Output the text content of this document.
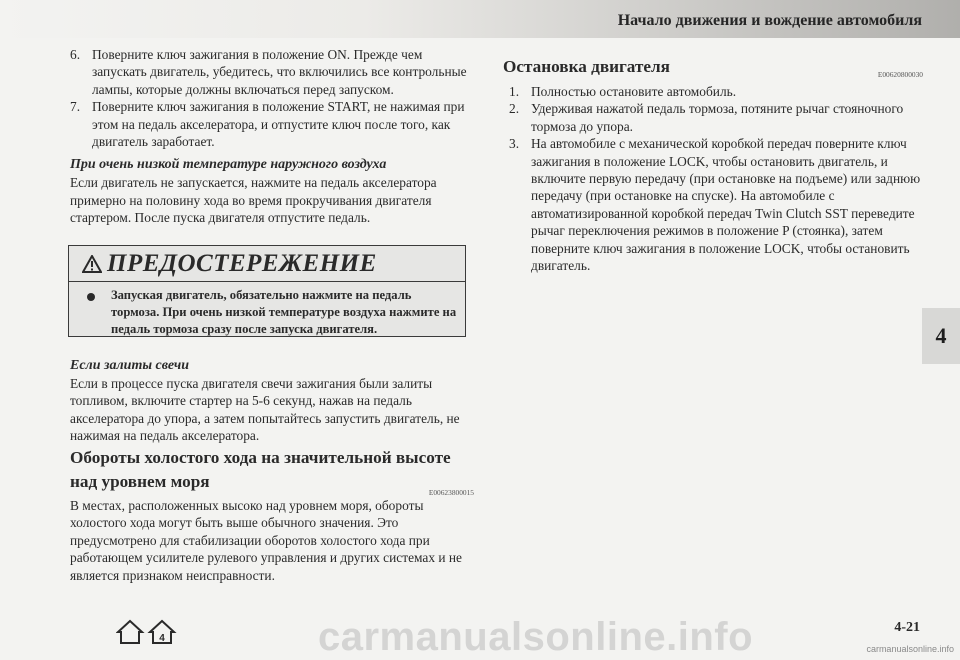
Начало движения и вождение автомобиля
6. Поверните ключ зажигания в положение ON. Прежде чем запускать двигатель, убедитесь, что включились все контрольные лампы, которые должны включаться перед запуском.
7. Поверните ключ зажигания в положение START, не нажимая при этом на педаль акселератора, и отпустите ключ после того, как двигатель заработает.

При очень низкой температуре наружного воздуха

Если двигатель не запускается, нажмите на педаль акселератора примерно на половину хода во время прокручивания двигателя стартером. После пуска двигателя отпустите педаль.

ПРЕДОСТЕРЕЖЕНИЕ

Запуская двигатель, обязательно нажмите на педаль тормоза. При очень низкой температуре воздуха нажмите на педаль тормоза сразу после запуска двигателя.

Если залиты свечи

Если в процессе пуска двигателя свечи зажигания были залиты топливом, включите стартер на 5-6 секунд, нажав на педаль акселератора до упора, а затем попытайтесь запустить двигатель, не нажимая на педаль акселератора.

Обороты холостого хода на значительной высоте над уровнем моря

E00623800015

В местах, расположенных высоко над уровнем моря, обороты холостого хода могут быть выше обычного значения. Это предусмотрено для стабилизации оборотов холостого хода при работающем усилителе рулевого управления и других системах и не является признаком неисправности.

Остановка двигателя	E00620800030
1. Полностью остановите автомобиль.
2. Удерживая нажатой педаль тормоза, потяните рычаг стояночного тормоза до упора.
3. На автомобиле с механической коробкой передач поверните ключ зажигания в положение LOCK, чтобы остановить двигатель, и включите первую передачу (при остановке на подъеме) или заднюю передачу (при остановке на спуске). На автомобиле с автоматизированной коробкой передач Twin Clutch SST переведите рычаг переключения режимов в положение P (стоянка), затем поверните ключ зажигания в положение LOCK, чтобы остановить двигатель.
4
4	carmanualsonline.info	4-21
carmanualsonline.info
